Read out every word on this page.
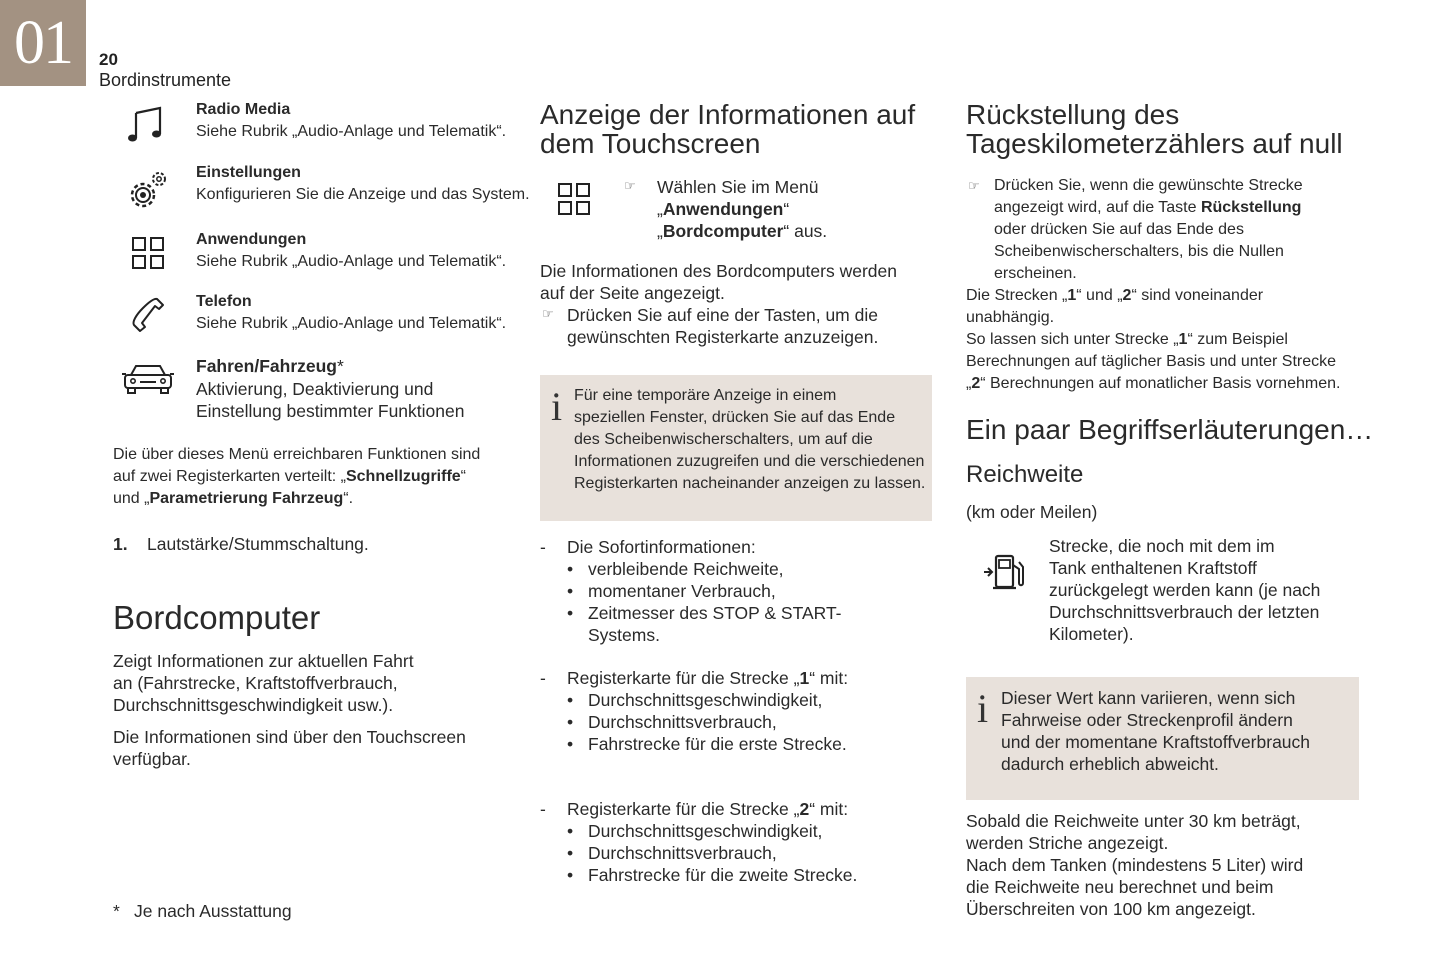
01	20
Bordinstrumente
Radio Media
Siehe Rubrik „Audio-Anlage und Telematik“.
Einstellungen
Konfigurieren Sie die Anzeige und das System.
Anwendungen
Siehe Rubrik „Audio-Anlage und Telematik“.
Telefon
Siehe Rubrik „Audio-Anlage und Telematik“.
Fahren/Fahrzeug*
Aktivierung, Deaktivierung und
Einstellung bestimmter Funktionen
Die über dieses Menü erreichbaren Funktionen sind
auf zwei Registerkarten verteilt: „Schnellzugriffe“
und „Parametrierung Fahrzeug“.
1. Lautstärke/Stummschaltung.
Bordcomputer
Zeigt Informationen zur aktuellen Fahrt
an (Fahrstrecke, Kraftstoffverbrauch,
Durchschnittsgeschwindigkeit usw.).
Die Informationen sind über den Touchscreen
verfügbar.
* Je nach Ausstattung
Anzeige der Informationen auf
dem Touchscreen
☞ Wählen Sie im Menü
„Anwendungen“
„Bordcomputer“ aus.
Die Informationen des Bordcomputers werden
auf der Seite angezeigt.
☞ Drücken Sie auf eine der Tasten, um die
gewünschten Registerkarte anzuzeigen.
i Für eine temporäre Anzeige in einem
speziellen Fenster, drücken Sie auf das Ende
des Scheibenwischerschalters, um auf die
Informationen zuzugreifen und die verschiedenen
Registerkarten nacheinander anzeigen zu lassen.
- Die Sofortinformationen:
• verbleibende Reichweite,
• momentaner Verbrauch,
• Zeitmesser des STOP & START-
Systems.
- Registerkarte für die Strecke „1“ mit:
• Durchschnittsgeschwindigkeit,
• Durchschnittsverbrauch,
• Fahrstrecke für die erste Strecke.
- Registerkarte für die Strecke „2“ mit:
• Durchschnittsgeschwindigkeit,
• Durchschnittsverbrauch,
• Fahrstrecke für die zweite Strecke.
Rückstellung des
Tageskilometerzählers auf null
☞ Drücken Sie, wenn die gewünschte Strecke
angezeigt wird, auf die Taste Rückstellung
oder drücken Sie auf das Ende des
Scheibenwischerschalters, bis die Nullen
erscheinen.
Die Strecken „1“ und „2“ sind voneinander
unabhängig.
So lassen sich unter Strecke „1“ zum Beispiel
Berechnungen auf täglicher Basis und unter Strecke
„2“ Berechnungen auf monatlicher Basis vornehmen.
Ein paar Begriffserläuterungen…
Reichweite
(km oder Meilen)
Strecke, die noch mit dem im
Tank enthaltenen Kraftstoff
zurückgelegt werden kann (je nach
Durchschnittsverbrauch der letzten
Kilometer).
i Dieser Wert kann variieren, wenn sich
Fahrweise oder Streckenprofil ändern
und der momentane Kraftstoffverbrauch
dadurch erheblich abweicht.
Sobald die Reichweite unter 30 km beträgt,
werden Striche angezeigt.
Nach dem Tanken (mindestens 5 Liter) wird
die Reichweite neu berechnet und beim
Überschreiten von 100 km angezeigt.
